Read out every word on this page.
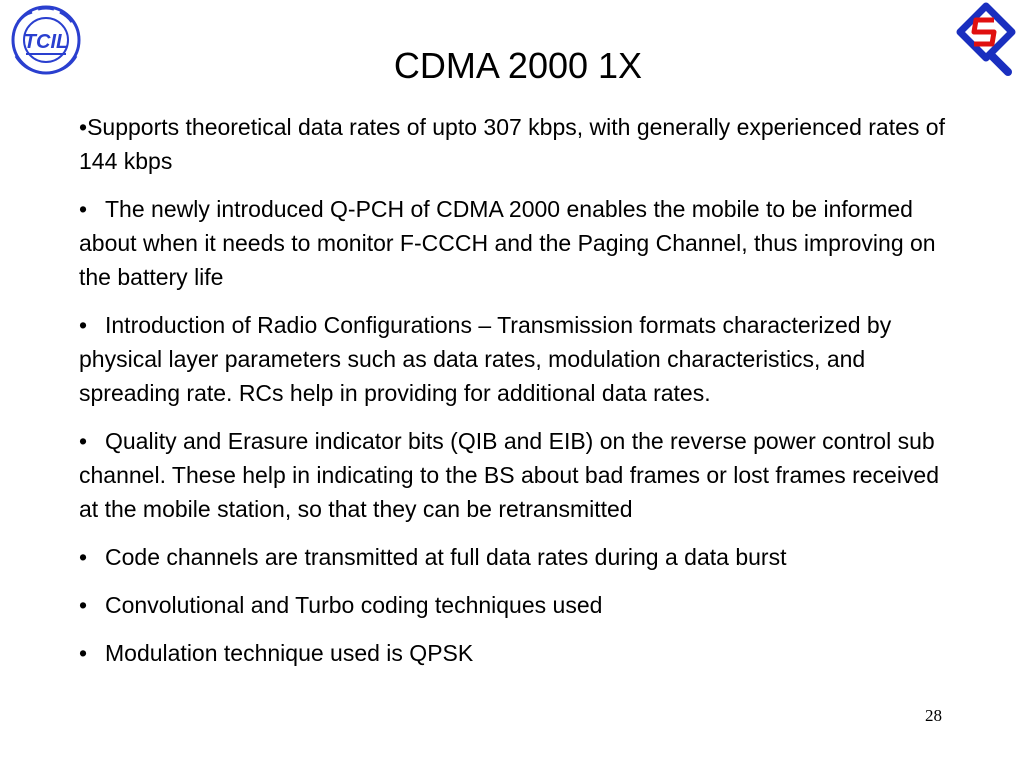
TCIL
CDMA 2000 1X
•Supports theoretical data rates of upto 307 kbps, with generally experienced rates of 144 kbps
• The newly introduced Q-PCH of CDMA 2000 enables the mobile to be informed about when it needs to monitor F-CCCH and the Paging Channel, thus improving on the battery life
• Introduction of Radio Configurations – Transmission formats characterized by physical layer parameters such as data rates, modulation characteristics, and spreading rate. RCs help in providing for additional data rates.
• Quality and Erasure indicator bits (QIB and EIB) on the reverse power control sub channel. These help in indicating to the BS about bad frames or lost frames received at the mobile station, so that they can be retransmitted
• Code channels are transmitted at full data rates during a data burst
• Convolutional and Turbo coding techniques used
• Modulation technique used is QPSK
28
